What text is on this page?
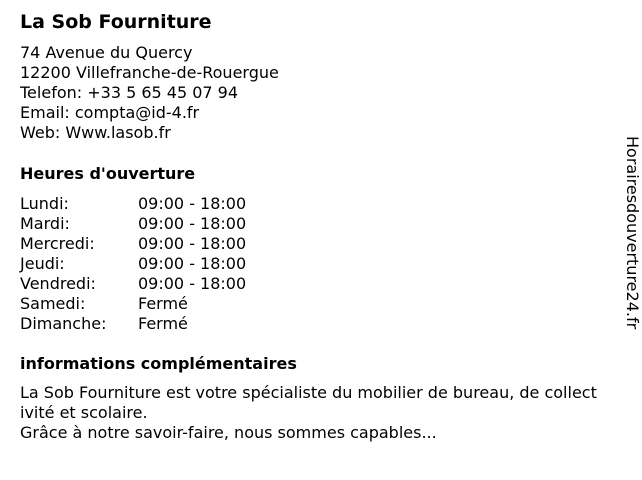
La Sob Fourniture
74 Avenue du Quercy
12200 Villefranche-de-Rouergue
Telefon: +33 5 65 45 07 94
Email: compta@id-4.fr
Web: Www.lasob.fr
Heures d'ouverture
Lundi:	09:00 - 18:00
Mardi:	09:00 - 18:00
Mercredi:	09:00 - 18:00
Jeudi:	09:00 - 18:00
Vendredi:	09:00 - 18:00
Samedi:	Fermé
Dimanche: Fermé
informations complémentaires
La Sob Fourniture est votre spécialiste du mobilier de bureau, de collectivité et scolaire.
Grâce à notre savoir-faire, nous sommes capables...
Horairesdouverture24.fr
